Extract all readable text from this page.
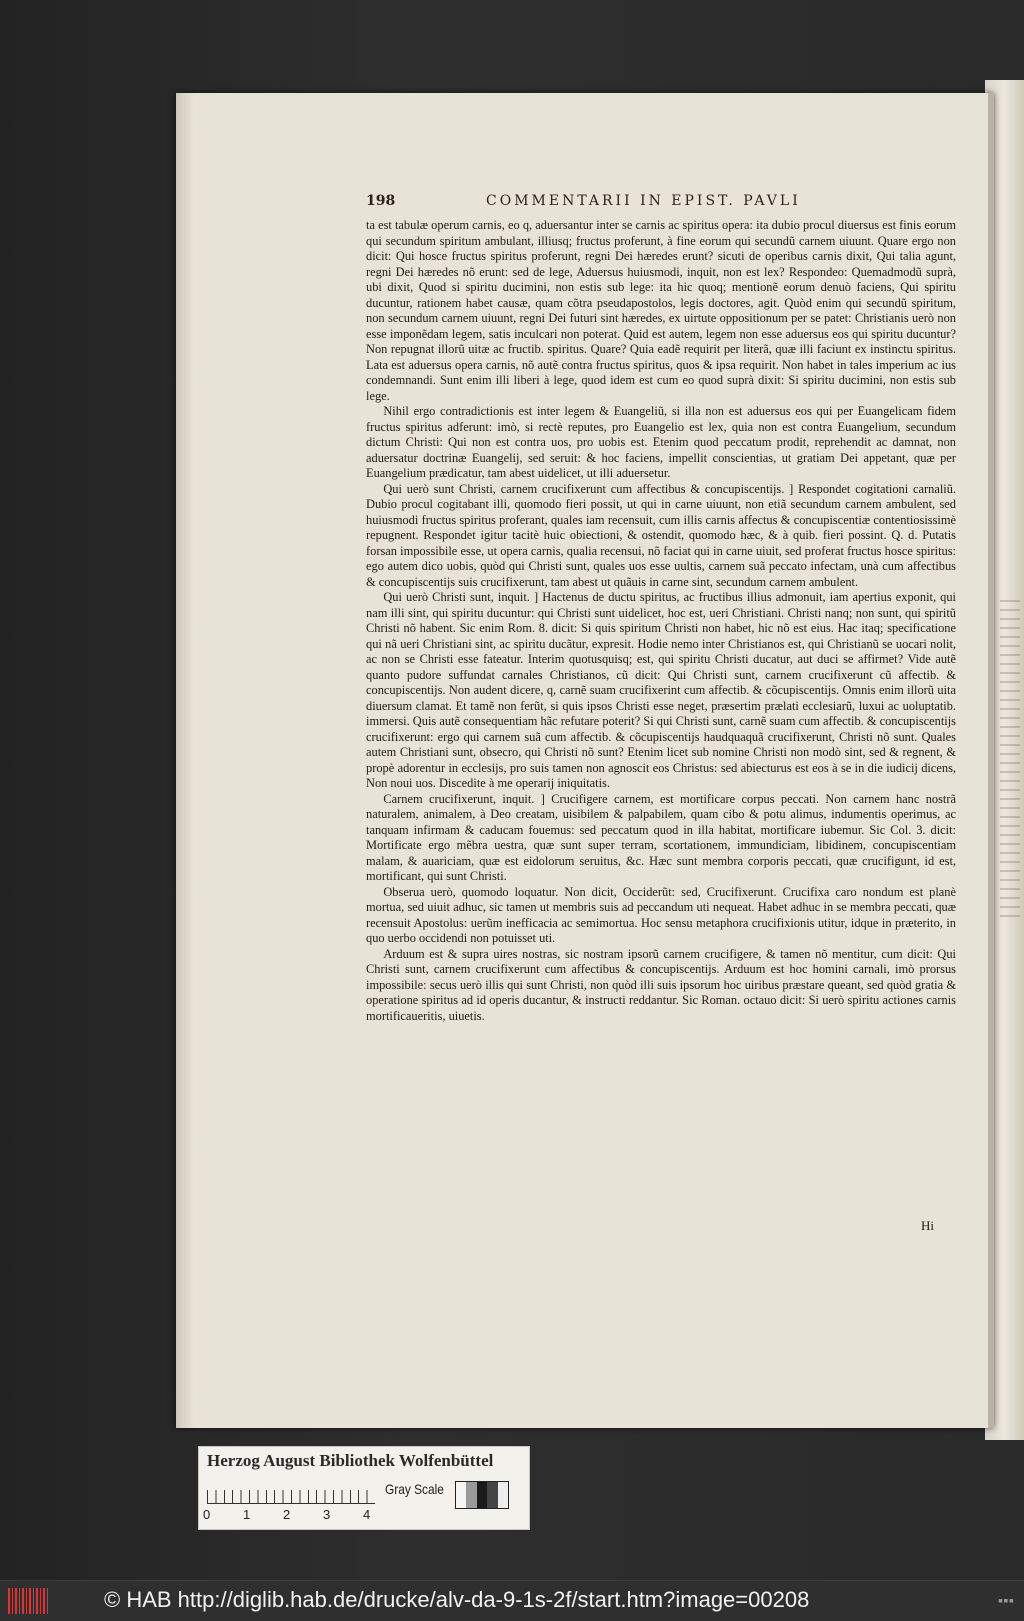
198	COMMENTARII IN EPIST. PAVLI

ta est tabulæ operum carnis, eo q, aduersantur inter se carnis ac spiritus opera: ita dubio procul diuersus est finis eorum qui secundum spiritum ambulant, illiusq; fructus proferunt, à fine eorum qui secundũ carnem uiuunt. Quare ergo non dicit: Qui hosce fructus spiritus proferunt, regni Dei hæredes erunt? sicuti de operibus carnis dixit, Qui talia agunt, regni Dei hæredes nõ erunt: sed de lege, Aduersus huiusmodi, inquit, non est lex? Respondeo: Quemadmodũ suprà, ubi dixit, Quod si spiritu ducimini, non estis sub lege: ita hic quoq; mentionẽ eorum denuò faciens, Qui spiritu ducuntur, rationem habet causæ, quam cõtra pseudapostolos, legis doctores, agit. Quòd enim qui secundũ spiritum, non secundum carnem uiuunt, regni Dei futuri sint hæredes, ex uirtute oppositionum per se patet: Christianis uerò non esse imponẽdam legem, satis inculcari non poterat. Quid est autem, legem non esse aduersus eos qui spiritu ducuntur? Non repugnat illorũ uitæ ac fructib. spiritus. Quare? Quia eadẽ requirit per literã, quæ illi faciunt ex instinctu spiritus. Lata est aduersus opera carnis, nõ autẽ contra fructus spiritus, quos & ipsa requirit. Non habet in tales imperium ac ius condemnandi. Sunt enim illi liberi à lege, quod idem est cum eo quod suprà dixit: Si spiritu ducimini, non estis sub lege.

Nihil ergo contradictionis est inter legem & Euangeliũ, si illa non est aduersus eos qui per Euangelicam fidem fructus spiritus adferunt: imò, si rectè reputes, pro Euangelio est lex, quia non est contra Euangelium, secundum dictum Christi: Qui non est contra uos, pro uobis est. Etenim quod peccatum prodit, reprehendit ac damnat, non aduersatur doctrinæ Euangelij, sed seruit: & hoc faciens, impellit conscientias, ut gratiam Dei appetant, quæ per Euangelium prædicatur, tam abest uidelicet, ut illi aduersetur.

Qui uerò sunt Christi, carnem crucifixerunt cum affectibus & concupiscentijs. ] Respondet cogitationi carnaliũ. Dubio procul cogitabant illi, quomodo fieri possit, ut qui in carne uiuunt, non etiã secundum carnem ambulent, sed huiusmodi fructus spiritus proferant, quales iam recensuit, cum illis carnis affectus & concupiscentiæ contentiosissimè repugnent. Respondet igitur tacitè huic obiectioni, & ostendit, quomodo hæc, & à quib. fieri possint. Q. d. Putatis forsan impossibile esse, ut opera carnis, qualia recensui, nõ faciat qui in carne uiuit, sed proferat fructus hosce spiritus: ego autem dico uobis, quòd qui Christi sunt, quales uos esse uultis, carnem suã peccato infectam, unà cum affectibus & concupiscentijs suis crucifixerunt, tam abest ut quãuis in carne sint, secundum carnem ambulent.

Qui uerò Christi sunt, inquit. ] Hactenus de ductu spiritus, ac fructibus illius admonuit, iam apertius exponit, qui nam illi sint, qui spiritu ducuntur: qui Christi sunt uidelicet, hoc est, ueri Christiani. Christi nanq; non sunt, qui spiritũ Christi nõ habent. Sic enim Rom. 8. dicit: Si quis spiritum Christi non habet, hic nõ est eius. Hac itaq; specificatione qui nã ueri Christiani sint, ac spiritu ducãtur, expresit. Hodie nemo inter Christianos est, qui Christianũ se uocari nolit, ac non se Christi esse fateatur. Interim quotusquisq; est, qui spiritu Christi ducatur, aut duci se affirmet? Vide autẽ quanto pudore suffundat carnales Christianos, cũ dicit: Qui Christi sunt, carnem crucifixerunt cũ affectib. & concupiscentijs. Non audent dicere, q, carnẽ suam crucifixerint cum affectib. & cõcupiscentijs. Omnis enim illorũ uita diuersum clamat. Et tamẽ non ferũt, si quis ipsos Christi esse neget, præsertim prælati ecclesiarũ, luxui ac uoluptatib. immersi. Quis autẽ consequentiam hãc refutare poterit? Si qui Christi sunt, carnẽ suam cum affectib. & concupiscentijs crucifixerunt: ergo qui carnem suã cum affectib. & cõcupiscentijs haudquaquã crucifixerunt, Christi nõ sunt. Quales autem Christiani sunt, obsecro, qui Christi nõ sunt? Etenim licet sub nomine Christi non modò sint, sed & regnent, & propè adorentur in ecclesijs, pro suis tamen non agnoscit eos Christus: sed abiecturus est eos à se in die iudicij dicens, Non noui uos. Discedite à me operarij iniquitatis.

Carnem crucifixerunt, inquit. ] Crucifigere carnem, est mortificare corpus peccati. Non carnem hanc nostrã naturalem, animalem, à Deo creatam, uisibilem & palpabilem, quam cibo & potu alimus, indumentis operimus, ac tanquam infirmam & caducam fouemus: sed peccatum quod in illa habitat, mortificare iubemur. Sic Col. 3. dicit: Mortificate ergo mẽbra uestra, quæ sunt super terram, scortationem, immundiciam, libidinem, concupiscentiam malam, & auariciam, quæ est eidolorum seruitus, &c. Hæc sunt membra corporis peccati, quæ crucifigunt, id est, mortificant, qui sunt Christi.

Obserua uerò, quomodo loquatur. Non dicit, Occiderũt: sed, Crucifixerunt. Crucifixa caro nondum est planè mortua, sed uiuit adhuc, sic tamen ut membris suis ad peccandum uti nequeat. Habet adhuc in se membra peccati, quæ recensuit Apostolus: uerũm inefficacia ac semimortua. Hoc sensu metaphora crucifixionis utitur, idque in præterito, in quo uerbo occidendi non potuisset uti.

Arduum est & supra uires nostras, sic nostram ipsorũ carnem crucifigere, & tamen nõ mentitur, cum dicit: Qui Christi sunt, carnem crucifixerunt cum affectibus & concupiscentijs. Arduum est hoc homini carnali, imò prorsus impossibile: secus uerò illis qui sunt Christi, non quòd illi suis ipsorum hoc uiribus præstare queant, sed quòd gratia & operatione spiritus ad id operis ducantur, & instructi reddantur. Sic Roman. octauo dicit: Si uerò spiritu actiones carnis mortificaueritis, uiuetis.

Hi
Herzog August Bibliothek Wolfenbüttel
0	1	2	3	4
Gray Scale
© HAB http://diglib.hab.de/drucke/alv-da-9-1s-2f/start.htm?image=00208	▪▪▪
